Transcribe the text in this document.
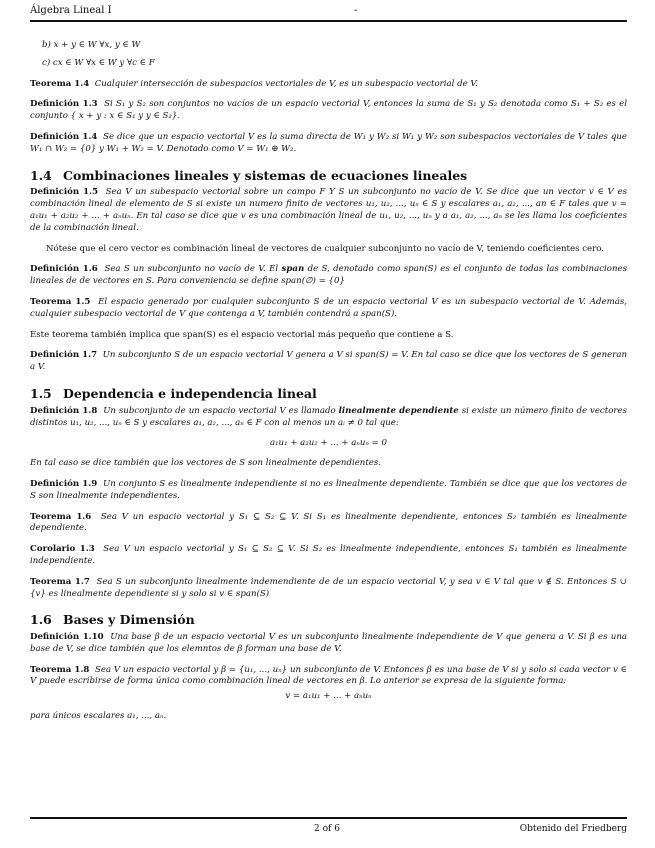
Álgebra Lineal I	-

b) x + y ∈ W ∀x, y ∈ W

c) cx ∈ W ∀x ∈ W y ∀c ∈ F

Teorema 1.4 Cualquier intersección de subespacios vectoriales de V, es un subespacio vectorial de V.

Definición 1.3 Si S₁ y S₂ son conjuntos no vacíos de un espacio vectorial V, entonces la suma de S₁ y S₂ denotada como S₁ + S₂ es el conjunto { x + y : x ∈ S₁ y y ∈ S₂}.

Definición 1.4 Se dice que un espacio vectorial V es la suma directa de W₁ y W₂ si W₁ y W₂ son subespacios vectoriales de V tales que W₁ ∩ W₂ = {0} y W₁ + W₂ = V. Denotado como V = W₁ ⊕ W₂.

1.4 Combinaciones lineales y sistemas de ecuaciones lineales

Definición 1.5 Sea V un subespacio vectorial sobre un campo F Y S un subconjunto no vacío de V. Se dice que un vector v ∈ V es combinación lineal de elemento de S si existe un numero finito de vectores u₁, u₂, ..., uₙ ∈ S y escalares a₁, a₂, ..., an ∈ F tales que v = a₁u₁ + a₂u₂ + ... + aₙuₙ. En tal caso se dice que v es una combinación lineal de u₁, u₂, ..., uₙ y a a₁, a₂, ..., aₙ se les llama los coeficientes de la combinación lineal.

Nótese que el cero vector es combinación lineal de vectores de cualquier subconjunto no vacío de V, teniendo coeficientes cero.

Definición 1.6 Sea S un subconjunto no vacío de V. El span de S, denotado como span(S) es el conjunto de todas las combinaciones lineales de de vectores en S. Para conveniencia se define span(∅) = {0}

Teorema 1.5 El espacio generado por cualquier subconjunto S de un espacio vectorial V es un subespacio vectorial de V. Además, cualquier subespacio vectorial de V que contenga a V, también contendrá a span(S).

Este teorema también implica que span(S) es el espacio vectorial más pequeño que contiene a S.

Definición 1.7 Un subconjunto S de un espacio vectorial V genera a V si span(S) = V. En tal caso se dice que los vectores de S generan a V.

1.5 Dependencia e independencia lineal

Definición 1.8 Un subconjunto de un espacio vectorial V es llamado linealmente dependiente si existe un número finito de vectores distintos u₁, u₂, ..., uₙ ∈ S y escalares a₁, a₂, ..., aₙ ∈ F con al menos un aᵢ ≠ 0 tal que:

a₁u₁ + a₂u₂ + ... + aₙuₙ = 0

En tal caso se dice también que los vectores de S son linealmente dependientes.

Definición 1.9 Un conjunto S es linealmente independiente si no es linealmente dependiente. También se dice que que los vectores de S son linealmente independientes.

Teorema 1.6 Sea V un espacio vectorial y S₁ ⊆ S₂ ⊆ V. Si S₁ es linealmente dependiente, entonces S₂ también es linealmente dependiente.

Corolario 1.3 Sea V un espacio vectorial y S₁ ⊆ S₂ ⊆ V. Si S₂ es linealmente independiente, entonces S₁ también es linealmente independiente.

Teorema 1.7 Sea S un subconjunto linealmente indemendiente de de un espacio vectorial V, y sea v ∈ V tal que v ∉ S. Entonces S ∪ {v} es linealmente dependiente si y solo si v ∈ span(S)

1.6 Bases y Dimensión

Definición 1.10 Una base β de un espacio vectorial V es un subconjunto linealmente independiente de V que genera a V. Si β es una base de V, se dice también que los elemntos de β forman una base de V.

Teorema 1.8 Sea V un espacio vectorial y β = {u₁, ..., uₙ} un subconjunto de V. Entonces β es una base de V si y solo si cada vector v ∈ V puede escribirse de forma única como combinación lineal de vectores en β. Lo anterior se expresa de la siguiente forma:

v = a₁u₁ + ... + aₙuₙ

para únicos escalares a₁, ..., aₙ.

2 of 6	Obtenido del Friedberg
